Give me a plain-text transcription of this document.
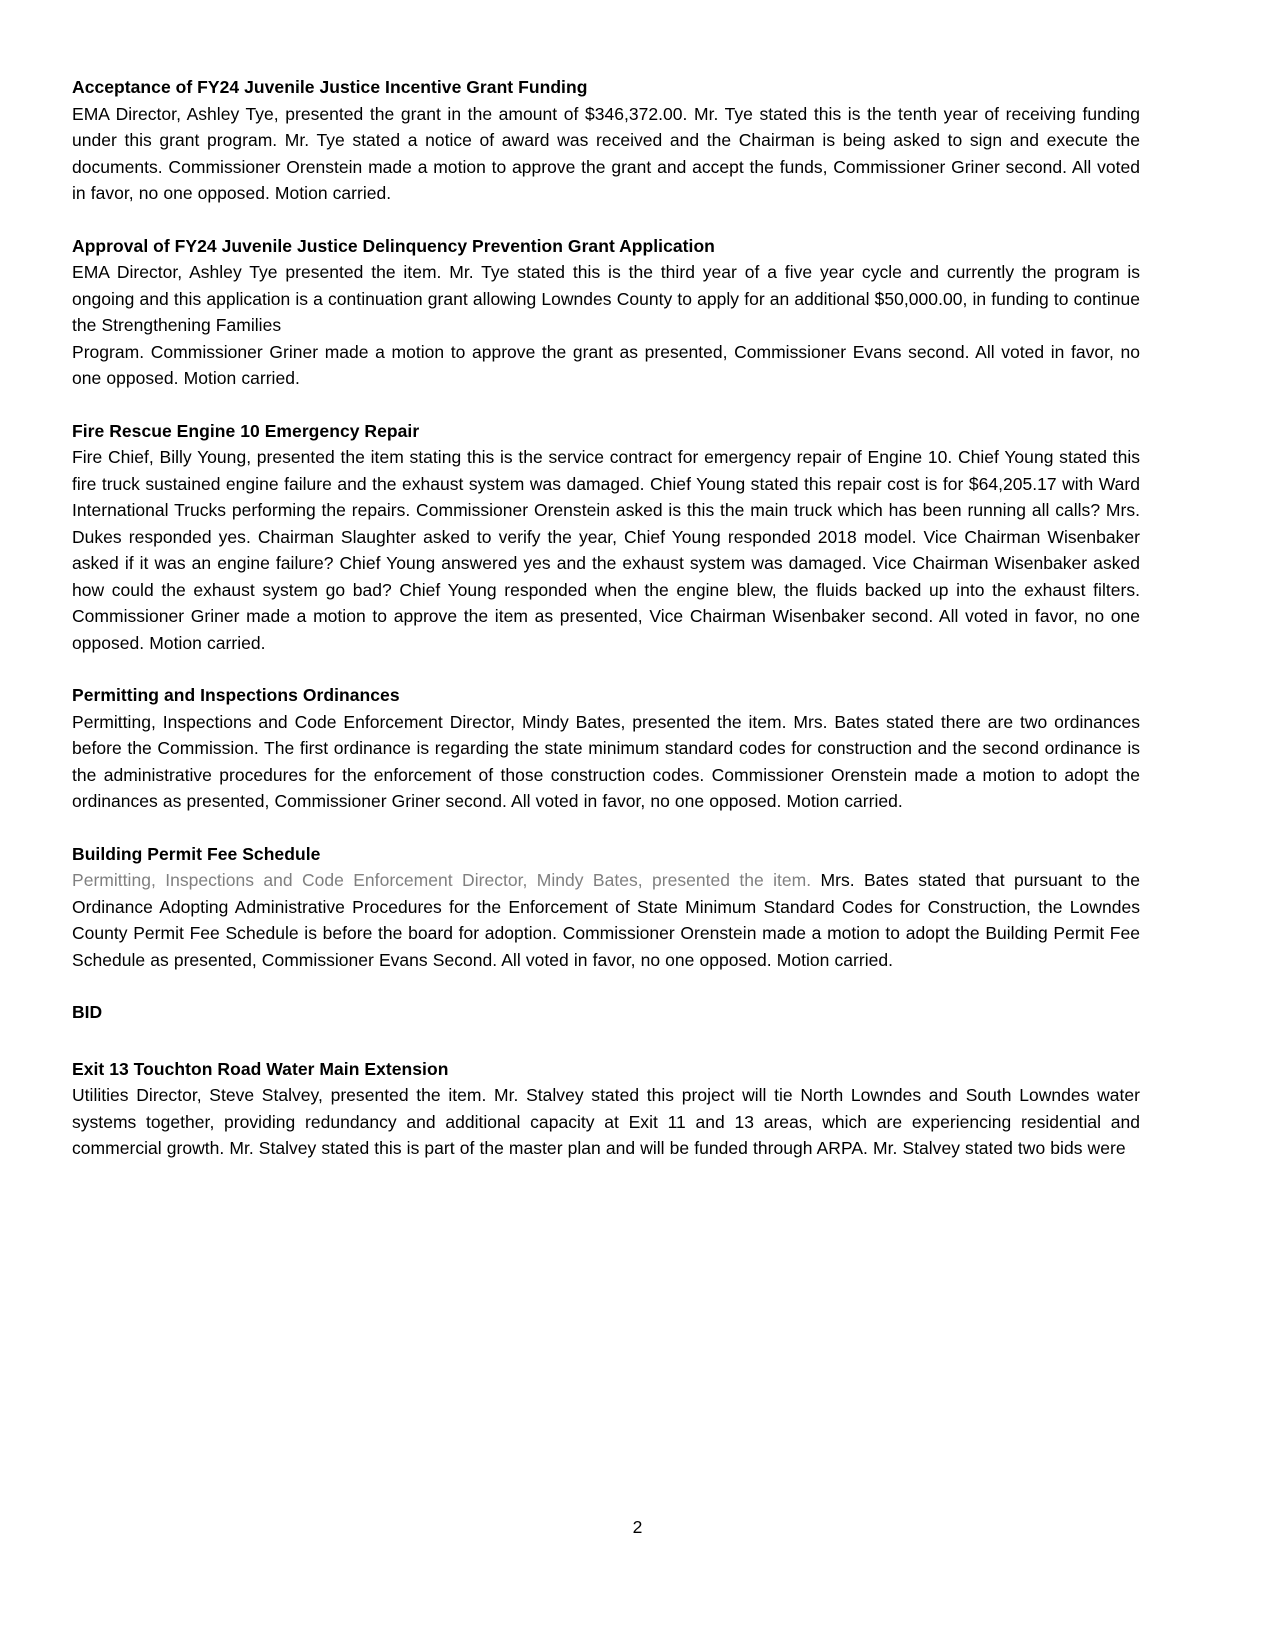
Acceptance of FY24 Juvenile Justice Incentive Grant Funding

EMA Director, Ashley Tye, presented the grant in the amount of $346,372.00. Mr. Tye stated this is the tenth year of receiving funding under this grant program. Mr. Tye stated a notice of award was received and the Chairman is being asked to sign and execute the documents. Commissioner Orenstein made a motion to approve the grant and accept the funds, Commissioner Griner second. All voted in favor, no one opposed. Motion carried.

Approval of FY24 Juvenile Justice Delinquency Prevention Grant Application

EMA Director, Ashley Tye presented the item. Mr. Tye stated this is the third year of a five year cycle and currently the program is ongoing and this application is a continuation grant allowing Lowndes County to apply for an additional $50,000.00, in funding to continue the Strengthening Families

Program. Commissioner Griner made a motion to approve the grant as presented, Commissioner Evans second. All voted in favor, no one opposed. Motion carried.

Fire Rescue Engine 10 Emergency Repair

Fire Chief, Billy Young, presented the item stating this is the service contract for emergency repair of Engine 10. Chief Young stated this fire truck sustained engine failure and the exhaust system was damaged. Chief Young stated this repair cost is for $64,205.17 with Ward International Trucks performing the repairs. Commissioner Orenstein asked is this the main truck which has been running all calls? Mrs. Dukes responded yes. Chairman Slaughter asked to verify the year, Chief Young responded 2018 model. Vice Chairman Wisenbaker asked if it was an engine failure? Chief Young answered yes and the exhaust system was damaged. Vice Chairman Wisenbaker asked how could the exhaust system go bad? Chief Young responded when the engine blew, the fluids backed up into the exhaust filters. Commissioner Griner made a motion to approve the item as presented, Vice Chairman Wisenbaker second. All voted in favor, no one opposed. Motion carried.

Permitting and Inspections Ordinances

Permitting, Inspections and Code Enforcement Director, Mindy Bates, presented the item. Mrs. Bates stated there are two ordinances before the Commission. The first ordinance is regarding the state minimum standard codes for construction and the second ordinance is the administrative procedures for the enforcement of those construction codes. Commissioner Orenstein made a motion to adopt the ordinances as presented, Commissioner Griner second. All voted in favor, no one opposed. Motion carried.

Building Permit Fee Schedule

Permitting, Inspections and Code Enforcement Director, Mindy Bates, presented the item. Mrs. Bates stated that pursuant to the Ordinance Adopting Administrative Procedures for the Enforcement of State Minimum Standard Codes for Construction, the Lowndes County Permit Fee Schedule is before the board for adoption. Commissioner Orenstein made a motion to adopt the Building Permit Fee Schedule as presented, Commissioner Evans Second. All voted in favor, no one opposed. Motion carried.

BID

Exit 13 Touchton Road Water Main Extension

Utilities Director, Steve Stalvey, presented the item. Mr. Stalvey stated this project will tie North Lowndes and South Lowndes water systems together, providing redundancy and additional capacity at Exit 11 and 13 areas, which are experiencing residential and commercial growth. Mr. Stalvey stated this is part of the master plan and will be funded through ARPA. Mr. Stalvey stated two bids were

2
